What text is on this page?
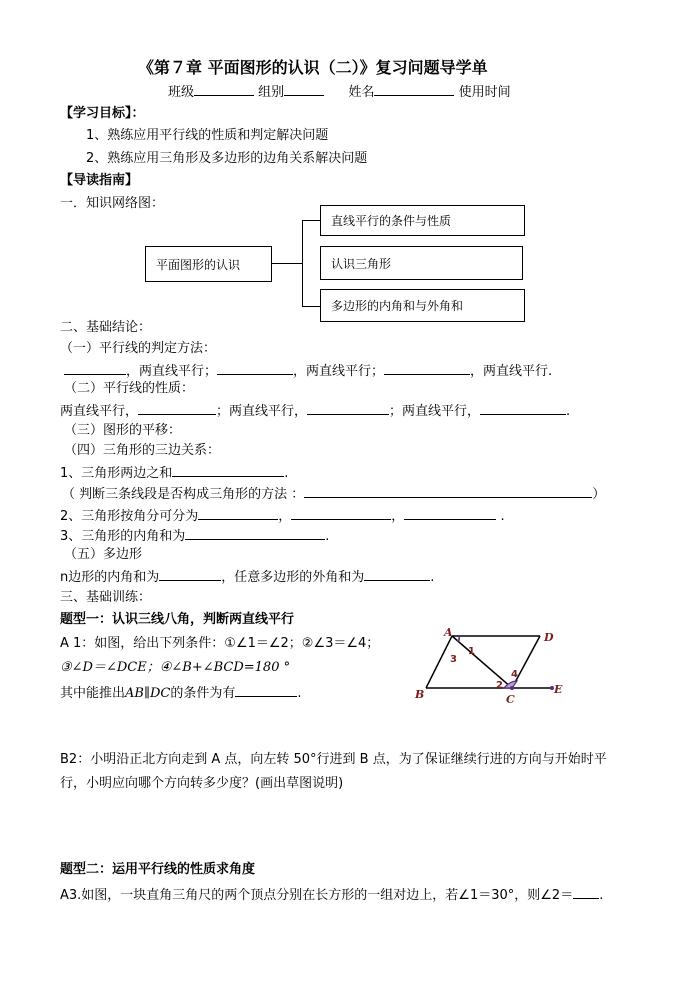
《第７章 平面图形的认识（二）》复习问题导学单
班级	组别	姓名	使用时间
【学习目标】：
1、熟练应用平行线的性质和判定解决问题
2、熟练应用三角形及多边形的边角关系解决问题
【导读指南】
一．知识网络图：
平面图形的认识
直线平行的条件与性质
认识三角形
多边形的内角和与外角和
二、基础结论：
（一）平行线的判定方法：
，两直线平行；	，两直线平行；	，两直线平行.
（二）平行线的性质：
两直线平行，	；两直线平行，	；两直线平行，	.
（三）图形的平移：
（四）三角形的三边关系：
1、三角形两边之和	.
（ 判断三条线段是否构成三角形的方法 ：	）
2、三角形按角分可分为	，	，	.
3、三角形的内角和为	.
（五）多边形
n边形的内角和为	，任意多边形的外角和为	.
三、基础训练：
题型一：认识三线八角，判断两直线平行
A 1：如图，给出下列条件：①∠1＝∠2；②∠3＝∠4；
③∠D＝∠DCE；④∠B+∠BCD=180 °
其中能推出AB∥DC的条件为有	.
A	D
B	C
E
1
2
3
4
B2：小明沿正北方向走到 A 点，向左转 50°行进到 B 点，为了保证继续行进的方向与开始时平
行，小明应向哪个方向转多少度？(画出草图说明)
题型二：运用平行线的性质求角度
A3.如图，一块直角三角尺的两个顶点分别在长方形的一组对边上，若∠1＝30°，则∠2＝ .
